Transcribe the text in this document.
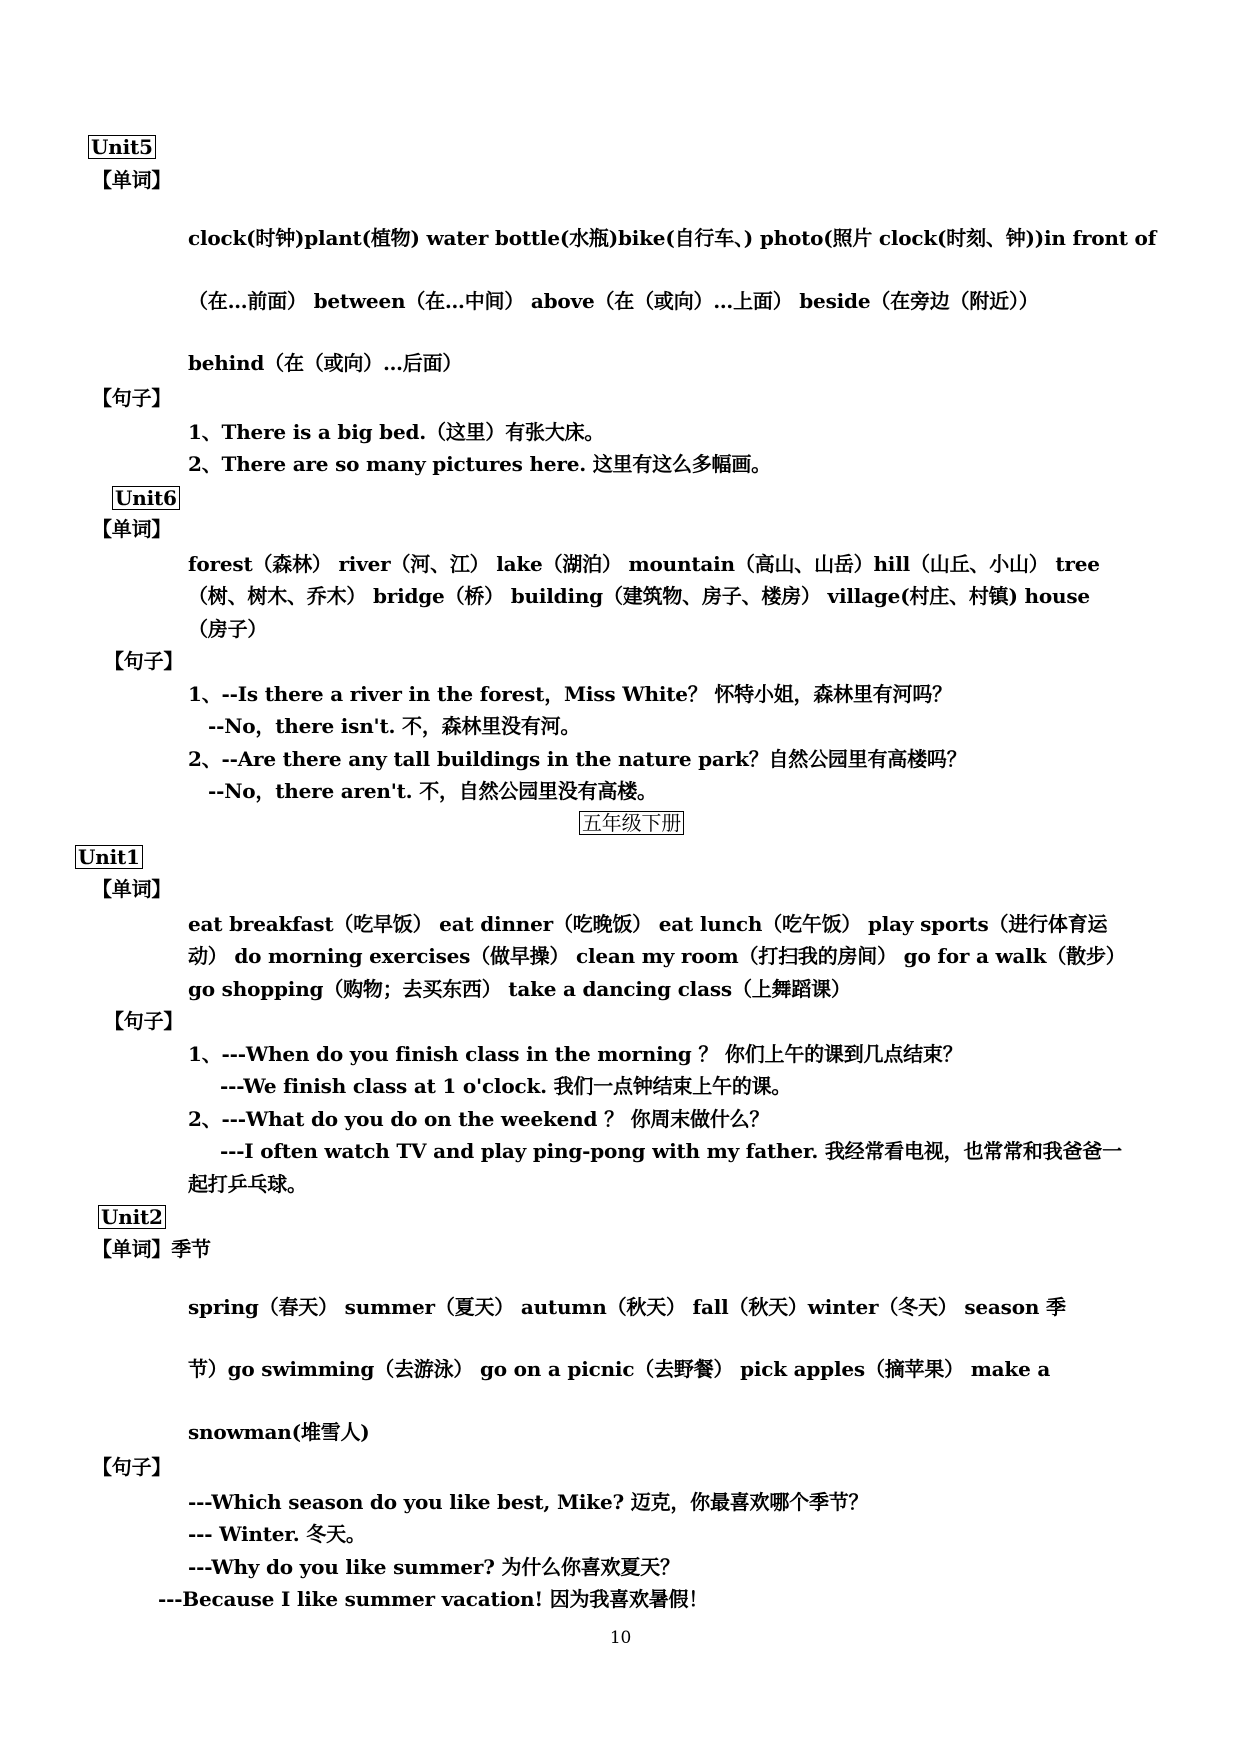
Unit5
【单词】
clock(时钟)plant(植物) water bottle(水瓶)bike(自行车、) photo(照片 clock(时刻、钟))in front of
（在…前面） between（在…中间） above（在（或向）…上面） beside（在旁边（附近））
behind（在（或向）…后面）
【句子】
1、There is a big bed.（这里）有张大床。
2、There are so many pictures here. 这里有这么多幅画。
Unit6
【单词】
forest（森林） river（河、江） lake（湖泊） mountain（高山、山岳）hill（山丘、小山） tree
（树、树木、乔木） bridge（桥） building（建筑物、房子、楼房） village(村庄、村镇) house
（房子）
【句子】
1、--Is there a river in the forest，Miss White？ 怀特小姐，森林里有河吗？
--No，there isn't. 不，森林里没有河。
2、--Are there any tall buildings in the nature park？自然公园里有高楼吗？
--No，there aren't. 不，自然公园里没有高楼。
五年级下册
Unit1
【单词】
eat breakfast（吃早饭） eat dinner（吃晚饭） eat lunch（吃午饭） play sports（进行体育运
动） do morning exercises（做早操） clean my room（打扫我的房间） go for a walk（散步）
go shopping（购物；去买东西） take a dancing class（上舞蹈课）
【句子】
1、---When do you finish class in the morning ？ 你们上午的课到几点结束？
---We finish class at 1 o'clock. 我们一点钟结束上午的课。
2、---What do you do on the weekend ？ 你周末做什么？
---I often watch TV and play ping-pong with my father. 我经常看电视，也常常和我爸爸一
起打乒乓球。
Unit2
【单词】季节
spring（春天） summer（夏天） autumn（秋天） fall（秋天）winter（冬天） season 季
节）go swimming（去游泳） go on a picnic（去野餐） pick apples（摘苹果） make a
snowman(堆雪人)
【句子】
---Which season do you like best, Mike? 迈克，你最喜欢哪个季节？
--- Winter. 冬天。
---Why do you like summer? 为什么你喜欢夏天？
---Because I like summer vacation! 因为我喜欢暑假！
10
